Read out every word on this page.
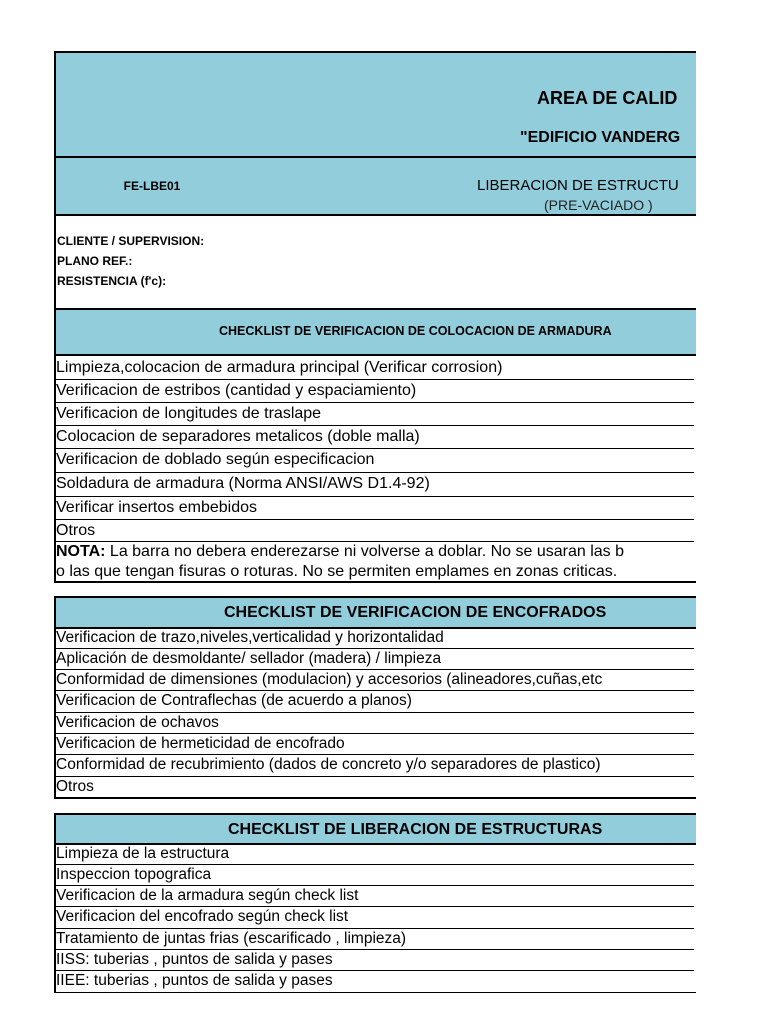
AREA DE CALID
"EDIFICIO VANDERG
FE-LBE01	LIBERACION DE ESTRUCTU
(PRE-VACIADO )
CLIENTE / SUPERVISION:
PLANO REF.:
RESISTENCIA (f'c):
CHECKLIST DE VERIFICACION DE COLOCACION DE ARMADURA
Limpieza,colocacion de armadura principal (Verificar corrosion)
Verificacion de estribos (cantidad y espaciamiento)
Verificacion de longitudes de traslape
Colocacion de separadores metalicos (doble malla)
Verificacion de doblado según especificacion
Soldadura de armadura (Norma ANSI/AWS D1.4-92)
Verificar insertos embebidos
Otros
NOTA: La barra no debera enderezarse ni volverse a doblar. No se usaran las b
o las que tengan fisuras o roturas. No se permiten emplames en zonas criticas.
CHECKLIST DE VERIFICACION DE ENCOFRADOS
Verificacion de trazo,niveles,verticalidad y horizontalidad
Aplicación de desmoldante/ sellador (madera) / limpieza
Conformidad de dimensiones (modulacion) y accesorios (alineadores,cuñas,etc
Verificacion de Contraflechas (de acuerdo a planos)
Verificacion de ochavos
Verificacion de hermeticidad de encofrado
Conformidad de recubrimiento (dados de concreto y/o separadores de plastico)
Otros
CHECKLIST DE LIBERACION DE ESTRUCTURAS
Limpieza de la estructura
Inspeccion topografica
Verificacion de la armadura según check list
Verificacion del encofrado según check list
Tratamiento de juntas frias (escarificado , limpieza)
IISS: tuberias , puntos de salida y pases
IIEE: tuberias , puntos de salida y pases
